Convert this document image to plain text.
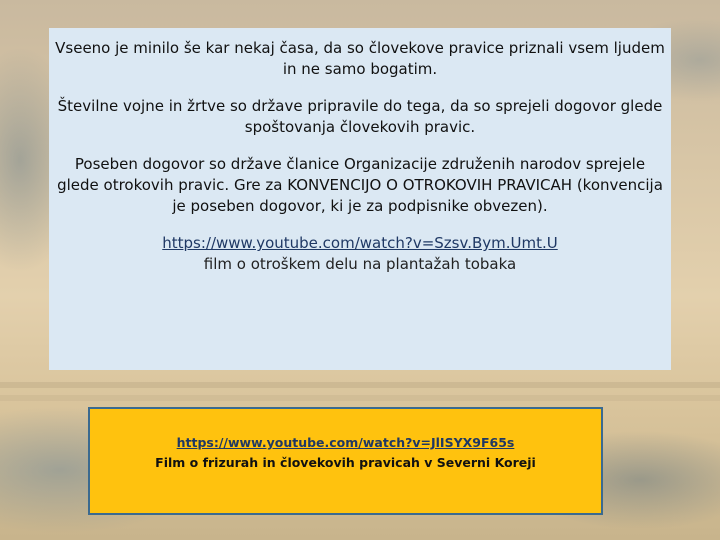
Vseeno je minilo še kar nekaj časa, da so človekove pravice priznali vsem ljudem in ne samo bogatim.

Številne vojne in žrtve so države pripravile do tega, da so sprejeli dogovor glede spoštovanja človekovih pravic.

Poseben dogovor so države članice Organizacije združenih narodov sprejele glede otrokovih pravic. Gre za KONVENCIJO O OTROKOVIH PRAVICAH (konvencija je poseben dogovor, ki je za podpisnike obvezen).

https://www.youtube.com/watch?v=Szsv.Bym.Umt.U
film o otroškem delu na plantažah tobaka
https://www.youtube.com/watch?v=JlISYX9F65s
Film o frizurah in človekovih pravicah v Severni Koreji
